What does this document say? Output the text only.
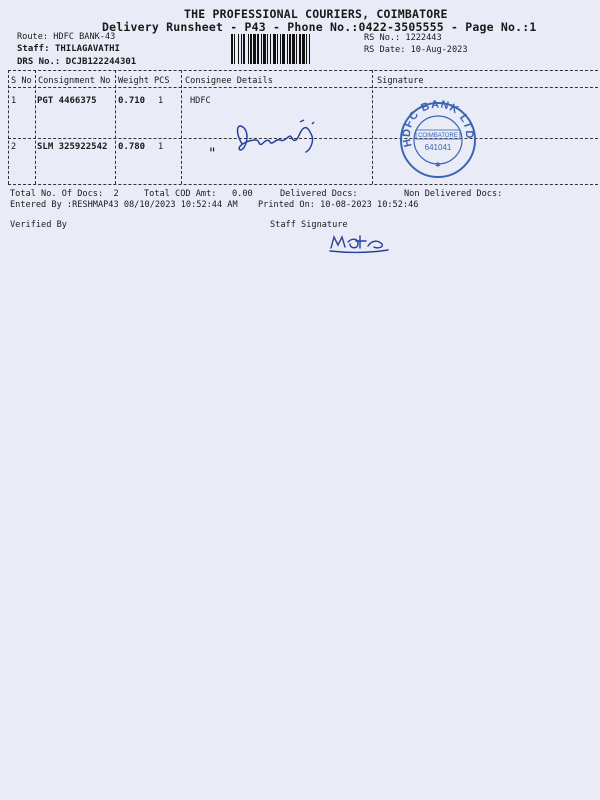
THE PROFESSIONAL COURIERS, COIMBATORE
Delivery Runsheet - P43 - Phone No.:0422-3505555 - Page No.:1
Route: HDFC BANK-43
Staff: THILAGAVATHI
DRS No.: DCJB122244301
RS No.: 1222443
RS Date: 10-Aug-2023
S No Consignment No Weight PCS Consignee Details	Signature
1 PGT 4466375 0.710 1	HDFC
2 SLM 325922542 0.780 1	"
HDFC BANK LTD
COIMBATORE
641041
✱
Total No. Of Docs: 2	Total COD Amt: 0.00	Delivered Docs:	Non Delivered Docs:
Entered By :RESHMAP43 08/10/2023 10:52:44 AM Printed On: 10-08-2023 10:52:46
Verified By	Staff Signature
